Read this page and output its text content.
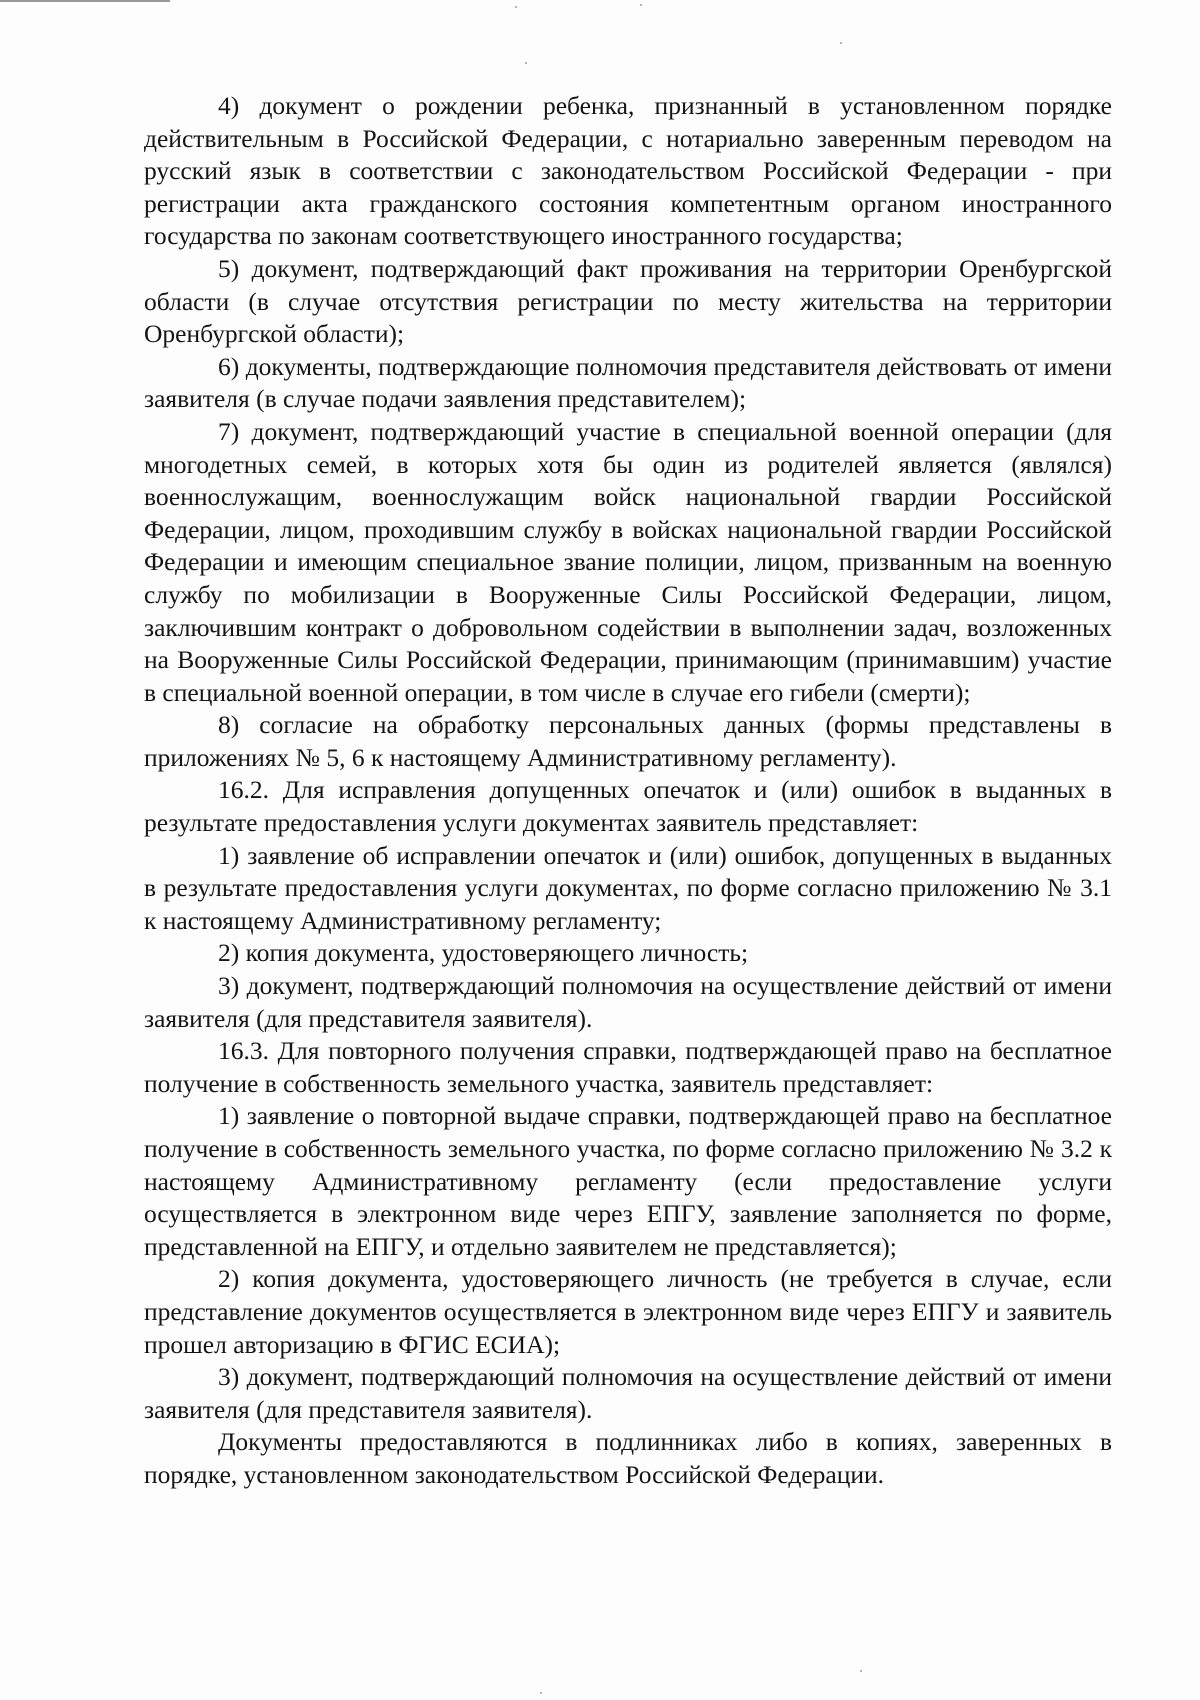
4) документ о рождении ребенка, признанный в установленном порядке действительным в Российской Федерации, с нотариально заверенным переводом на русский язык в соответствии с законодательством Российской Федерации - при регистрации акта гражданского состояния компетентным органом иностранного государства по законам соответствующего иностранного государства;

5) документ, подтверждающий факт проживания на территории Оренбургской области (в случае отсутствия регистрации по месту жительства на территории Оренбургской области);

6) документы, подтверждающие полномочия представителя действовать от имени заявителя (в случае подачи заявления представителем);

7) документ, подтверждающий участие в специальной военной операции (для многодетных семей, в которых хотя бы один из родителей является (являлся) военнослужащим, военнослужащим войск национальной гвардии Российской Федерации, лицом, проходившим службу в войсках национальной гвардии Российской Федерации и имеющим специальное звание полиции, лицом, призванным на военную службу по мобилизации в Вооруженные Силы Российской Федерации, лицом, заключившим контракт о добровольном содействии в выполнении задач, возложенных на Вооруженные Силы Российской Федерации, принимающим (принимавшим) участие в специальной военной операции, в том числе в случае его гибели (смерти);

8) согласие на обработку персональных данных (формы представлены в приложениях № 5, 6 к настоящему Административному регламенту).

16.2. Для исправления допущенных опечаток и (или) ошибок в выданных в результате предоставления услуги документах заявитель представляет:

1) заявление об исправлении опечаток и (или) ошибок, допущенных в выданных в результате предоставления услуги документах, по форме согласно приложению № 3.1 к настоящему Административному регламенту;

2) копия документа, удостоверяющего личность;

3) документ, подтверждающий полномочия на осуществление действий от имени заявителя (для представителя заявителя).

16.3. Для повторного получения справки, подтверждающей право на бесплатное получение в собственность земельного участка, заявитель представляет:

1) заявление о повторной выдаче справки, подтверждающей право на бесплатное получение в собственность земельного участка, по форме согласно приложению № 3.2 к настоящему Административному регламенту (если предоставление услуги осуществляется в электронном виде через ЕПГУ, заявление заполняется по форме, представленной на ЕПГУ, и отдельно заявителем не представляется);

2) копия документа, удостоверяющего личность (не требуется в случае, если представление документов осуществляется в электронном виде через ЕПГУ и заявитель прошел авторизацию в ФГИС ЕСИА);

3) документ, подтверждающий полномочия на осуществление действий от имени заявителя (для представителя заявителя).

Документы предоставляются в подлинниках либо в копиях, заверенных в порядке, установленном законодательством Российской Федерации.
